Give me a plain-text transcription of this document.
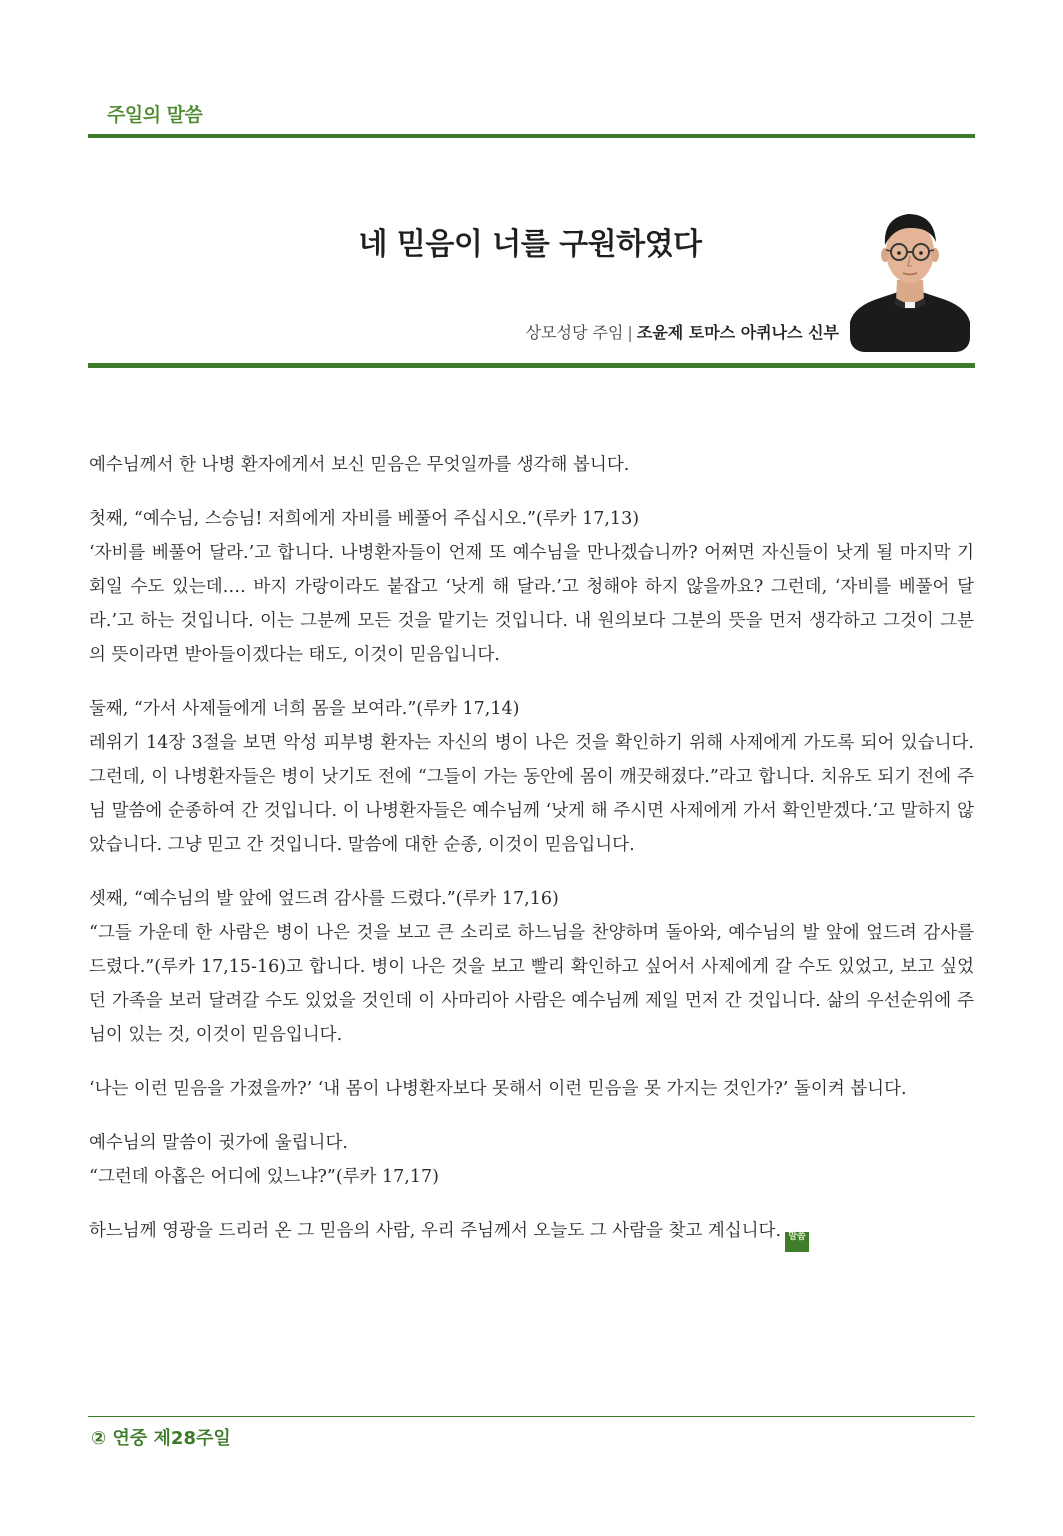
주일의 말씀
네 믿음이 너를 구원하였다
상모성당 주임 | 조윤제 토마스 아퀴나스 신부

예수님께서 한 나병 환자에게서 보신 믿음은 무엇일까를 생각해 봅니다.

첫째, “예수님, 스승님! 저희에게 자비를 베풀어 주십시오.”(루카 17,13)
‘자비를 베풀어 달라.’고 합니다. 나병환자들이 언제 또 예수님을 만나겠습니까? 어쩌면 자신들이 낫게 될 마지막 기회일 수도 있는데…. 바지 가랑이라도 붙잡고 ‘낫게 해 달라.’고 청해야 하지 않을까요? 그런데, ‘자비를 베풀어 달라.’고 하는 것입니다. 이는 그분께 모든 것을 맡기는 것입니다. 내 원의보다 그분의 뜻을 먼저 생각하고 그것이 그분의 뜻이라면 받아들이겠다는 태도, 이것이 믿음입니다.

둘째, “가서 사제들에게 너희 몸을 보여라.”(루카 17,14)
레위기 14장 3절을 보면 악성 피부병 환자는 자신의 병이 나은 것을 확인하기 위해 사제에게 가도록 되어 있습니다. 그런데, 이 나병환자들은 병이 낫기도 전에 “그들이 가는 동안에 몸이 깨끗해졌다.”라고 합니다. 치유도 되기 전에 주님 말씀에 순종하여 간 것입니다. 이 나병환자들은 예수님께 ‘낫게 해 주시면 사제에게 가서 확인받겠다.’고 말하지 않았습니다. 그냥 믿고 간 것입니다. 말씀에 대한 순종, 이것이 믿음입니다.

셋째, “예수님의 발 앞에 엎드려 감사를 드렸다.”(루카 17,16)
“그들 가운데 한 사람은 병이 나은 것을 보고 큰 소리로 하느님을 찬양하며 돌아와, 예수님의 발 앞에 엎드려 감사를 드렸다.”(루카 17,15-16)고 합니다. 병이 나은 것을 보고 빨리 확인하고 싶어서 사제에게 갈 수도 있었고, 보고 싶었던 가족을 보러 달려갈 수도 있었을 것인데 이 사마리아 사람은 예수님께 제일 먼저 간 것입니다. 삶의 우선순위에 주님이 있는 것, 이것이 믿음입니다.

‘나는 이런 믿음을 가졌을까?’ ‘내 몸이 나병환자보다 못해서 이런 믿음을 못 가지는 것인가?’ 돌이켜 봅니다.

예수님의 말씀이 귓가에 울립니다.
“그런데 아홉은 어디에 있느냐?”(루카 17,17)

하느님께 영광을 드리러 온 그 믿음의 사람, 우리 주님께서 오늘도 그 사람을 찾고 계십니다. 말씀

② 연중 제28주일
